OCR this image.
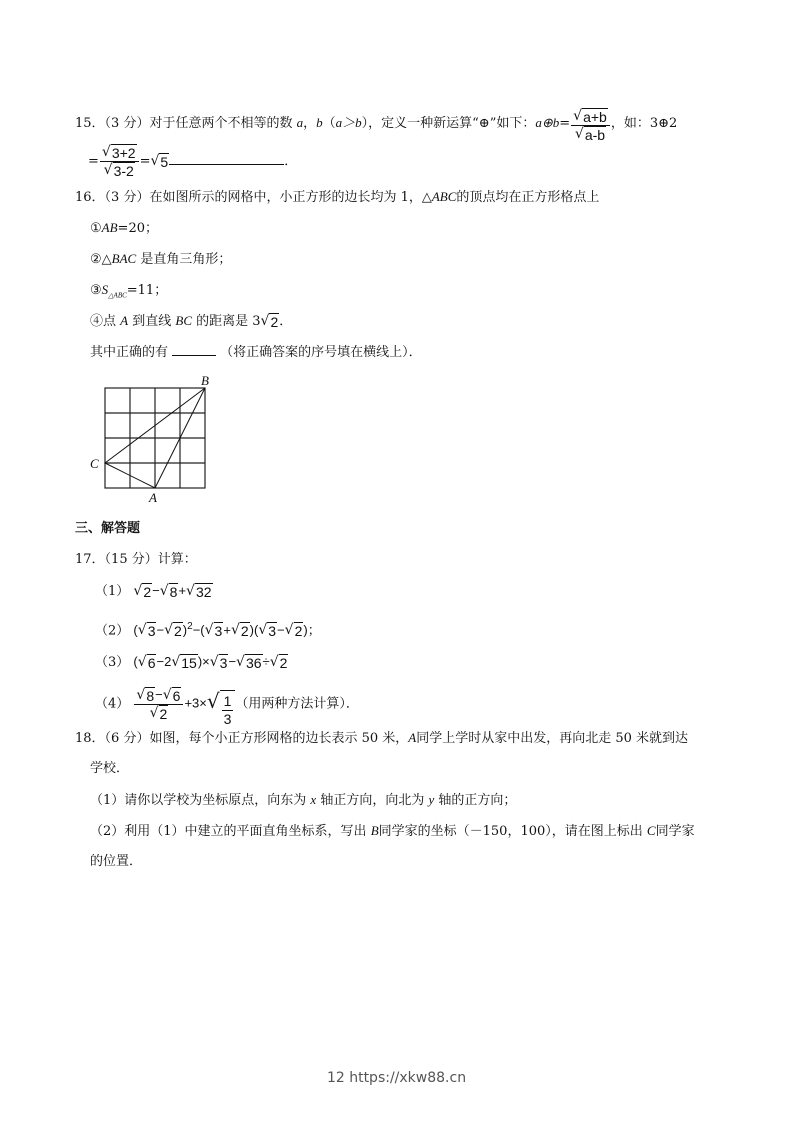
15．（3 分）对于任意两个不相等的数 a，b（a＞b），定义一种新运算“⊕”如下：a⊕b= $\frac{√ a+b}{√ a-b}$ ，如：3⊕2
= $\frac{√ 3+2}{√ 3-2}$ = √ 5	．
16．（3 分）在如图所示的网格中，小正方形的边长均为 1，△ABC的顶点均在正方形格点上
①AB=20；
②△BAC 是直角三角形；
$③S_{\triangle ABC}=11$；
④点 A 到直线 BC 的距离是 3 √ 2 ．
其中正确的有	（将正确答案的序号填在横线上）．
B
C
A
三、解答题
17．（15 分）计算：
（1） √ 2 − √ 8 + √ 32
（2） ( √ 3 − √ 2 )$^2$−( √ 3 + √ 2 )( √ 3 − √ 2 )；
（3） ( √ 6 −2 √ 15 )× √ 3 − √ 36 ÷ √ 2
$(4) \frac{√ 8 - √ 6}{√ 2} +3\times$ √ $\frac{1}{3}$ （用两种方法计算）．
18．（6 分）如图，每个小正方形网格的边长表示 50 米，A同学上学时从家中出发，再向北走 50 米就到达
学校．
（1）请你以学校为坐标原点，向东为 x 轴正方向，向北为 y 轴的正方向；
（2）利用（1）中建立的平面直角坐标系，写出 B同学家的坐标（－150，100），请在图上标出 C同学家
的位置．
12 https://xkw88.cn
